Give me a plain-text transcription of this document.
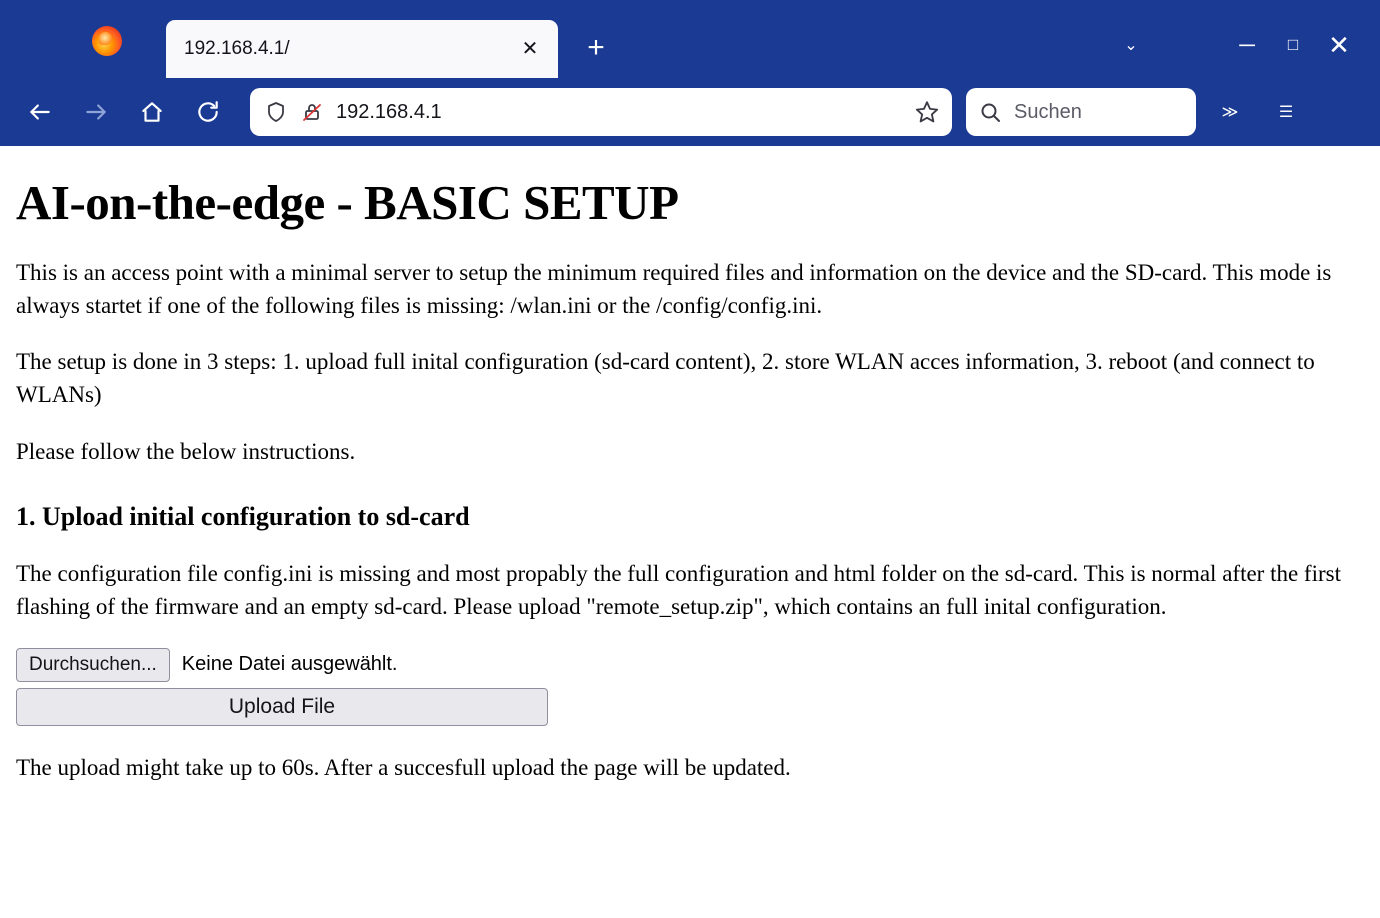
192.168.4.1/	✕	+	⌄	─	□	✕
192.168.4.1	Suchen	≫	☰
AI-on-the-edge - BASIC SETUP

This is an access point with a minimal server to setup the minimum required files and information on the device and the SD-card. This mode is always startet if one of the following files is missing: /wlan.ini or the /config/config.ini.

The setup is done in 3 steps: 1. upload full inital configuration (sd-card content), 2. store WLAN acces information, 3. reboot (and connect to WLANs)

Please follow the below instructions.

1. Upload initial configuration to sd-card

The configuration file config.ini is missing and most propably the full configuration and html folder on the sd-card. This is normal after the first flashing of the firmware and an empty sd-card. Please upload "remote_setup.zip", which contains an full inital configuration.

Durchsuchen...	Keine Datei ausgewählt.
Upload File

The upload might take up to 60s. After a succesfull upload the page will be updated.
